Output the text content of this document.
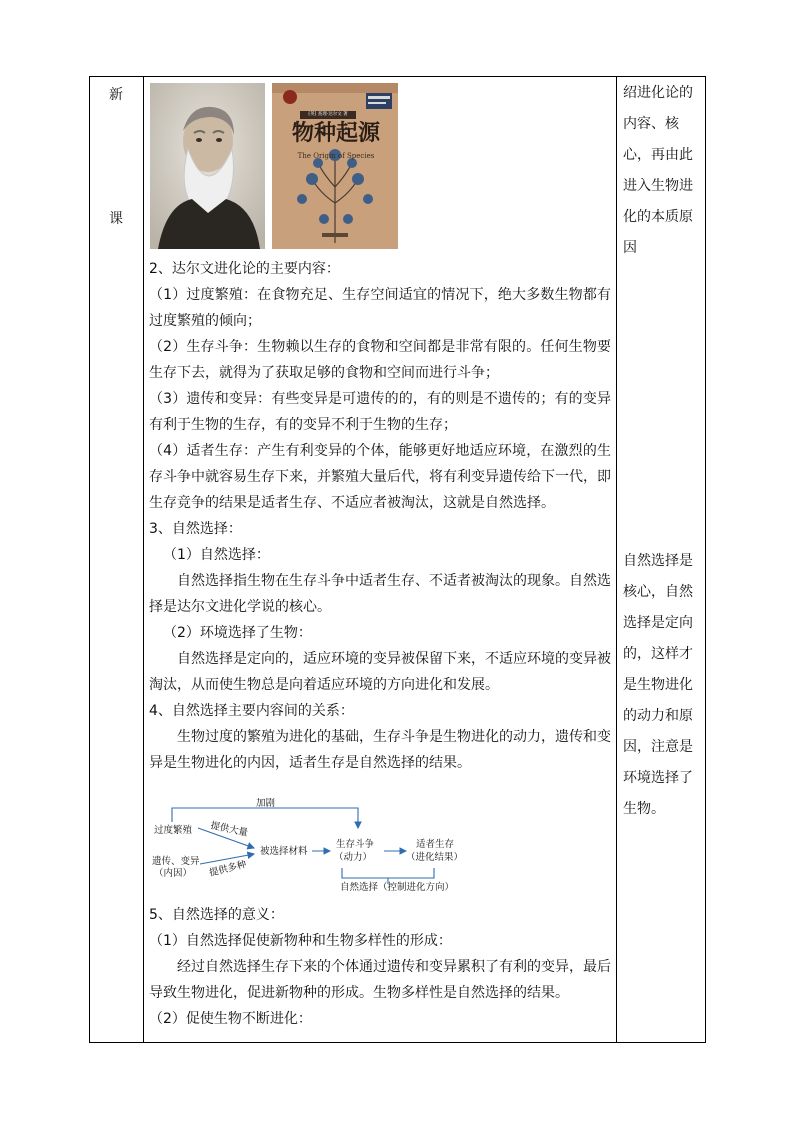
新
课
[英] 查理·达尔文 著
物种起源
The Origin of Species

2、达尔文进化论的主要内容：

（1）过度繁殖：在食物充足、生存空间适宜的情况下，绝大多数生物都有过度繁殖的倾向；

（2）生存斗争：生物赖以生存的食物和空间都是非常有限的。任何生物要生存下去，就得为了获取足够的食物和空间而进行斗争；

（3）遗传和变异：有些变异是可遗传的的，有的则是不遗传的；有的变异有利于生物的生存，有的变异不利于生物的生存；

（4）适者生存：产生有利变异的个体，能够更好地适应环境，在激烈的生存斗争中就容易生存下来，并繁殖大量后代，将有利变异遗传给下一代，即生存竞争的结果是适者生存、不适应者被淘汰，这就是自然选择。

3、自然选择：

（1）自然选择：

自然选择指生物在生存斗争中适者生存、不适者被淘汰的现象。自然选择是达尔文进化学说的核心。

（2）环境选择了生物：

自然选择是定向的，适应环境的变异被保留下来，不适应环境的变异被淘汰，从而使生物总是向着适应环境的方向进化和发展。

4、自然选择主要内容间的关系：

生物过度的繁殖为进化的基础，生存斗争是生物进化的动力，遗传和变异是生物进化的内因，适者生存是自然选择的结果。

加剧
过度繁殖 提供大量
遗传、变异
（内因） 提供多种
被选择材料
生存斗争
（动力）
适者生存
（进化结果）
自然选择（控制进化方向）

5、自然选择的意义：

（1）自然选择促使新物种和生物多样性的形成：

经过自然选择生存下来的个体通过遗传和变异累积了有利的变异，最后导致生物进化，促进新物种的形成。生物多样性是自然选择的结果。

（2）促使生物不断进化：

绍进化论的内容、核心，再由此进入生物进化的本质原因
自然选择是核心，自然选择是定向的，这样才是生物进化的动力和原因，注意是环境选择了生物。
